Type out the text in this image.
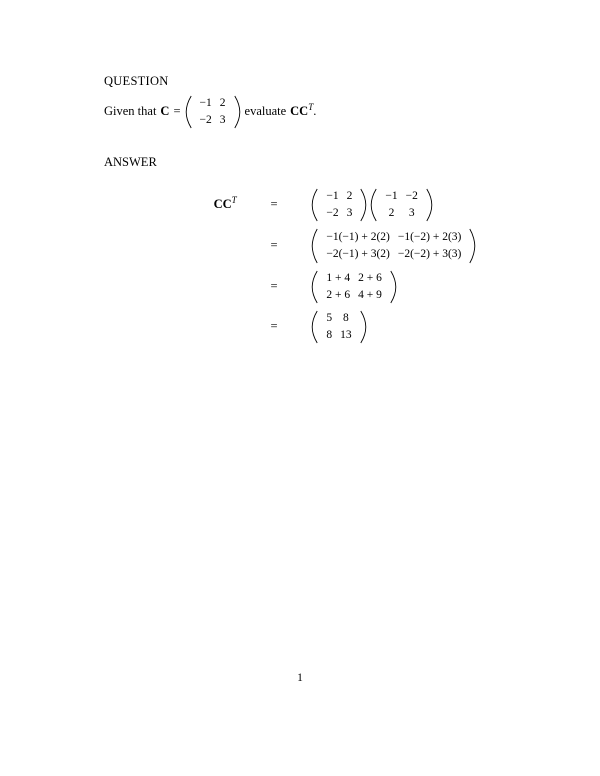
QUESTION
Given that C =
−1 2
−2 3
evaluate $CC^T$.
ANSWER
$CC^T$	=
−1 2
−2 3
−1 −2
2	3
=
−1(−1) + 2(2) −1(−2) + 2(3)
−2(−1) + 3(2) −2(−2) + 3(3)
=
1 + 4 2 + 6
2 + 6 4 + 9
=
5 8
8 13
1
